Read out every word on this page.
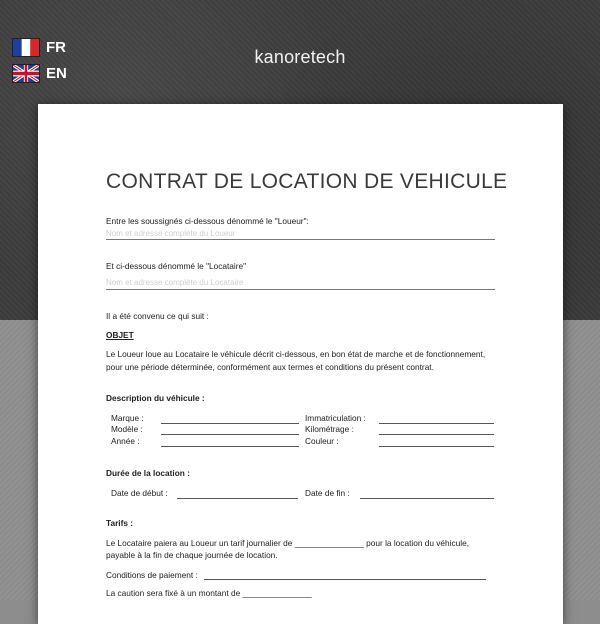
FR
EN
kanoretech
CONTRAT DE LOCATION DE VEHICULE
Entre les soussignés ci-dessous dénommé le "Loueur":
Nom et adresse complète du Loueur
Et ci-dessous dénommé le "Locataire"
Nom et adresse complète du Locataire
Il a été convenu ce qui suit :
OBJET
Le Loueur loue au Locataire le véhicule décrit ci-dessous, en bon état de marche et de fonctionnement, pour une période déterminée, conformément aux termes et conditions du présent contrat.
Description du véhicule :
Marque :
Modèle :
Année :
Immatriculation :
Kilométrage :
Couleur :
Durée de la location :
Date de début :	Date de fin :
Tarifs :
Le Locataire paiera au Loueur un tarif journalier de _______________ pour la location du véhicule,
payable à la fin de chaque journée de location.
Conditions de paiement :
La caution sera fixé à un montant de _______________
